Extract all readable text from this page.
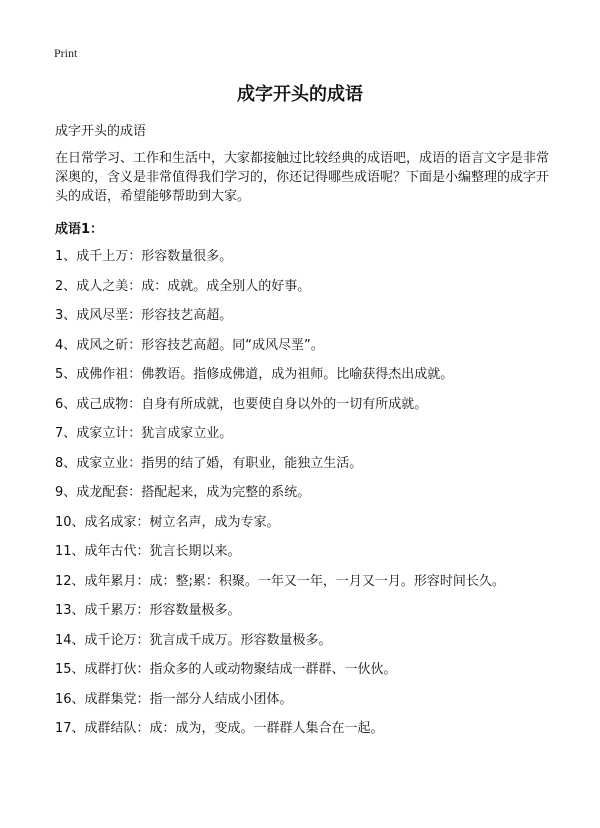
Print
成字开头的成语
成字开头的成语
在日常学习、工作和生活中，大家都接触过比较经典的成语吧，成语的语言文字是非常深奥的，含义是非常值得我们学习的，你还记得哪些成语呢？下面是小编整理的成字开头的成语，希望能够帮助到大家。
成语1：
1、成千上万：形容数量很多。
2、成人之美：成：成就。成全别人的好事。
3、成风尽垩：形容技艺高超。
4、成风之斫：形容技艺高超。同“成风尽垩”。
5、成佛作祖：佛教语。指修成佛道，成为祖师。比喻获得杰出成就。
6、成己成物：自身有所成就，也要使自身以外的一切有所成就。
7、成家立计：犹言成家立业。
8、成家立业：指男的结了婚，有职业，能独立生活。
9、成龙配套：搭配起来，成为完整的系统。
10、成名成家：树立名声，成为专家。
11、成年古代：犹言长期以来。
12、成年累月：成：整;累：积聚。一年又一年，一月又一月。形容时间长久。
13、成千累万：形容数量极多。
14、成千论万：犹言成千成万。形容数量极多。
15、成群打伙：指众多的人或动物聚结成一群群、一伙伙。
16、成群集党：指一部分人结成小团体。
17、成群结队：成：成为，变成。一群群人集合在一起。
